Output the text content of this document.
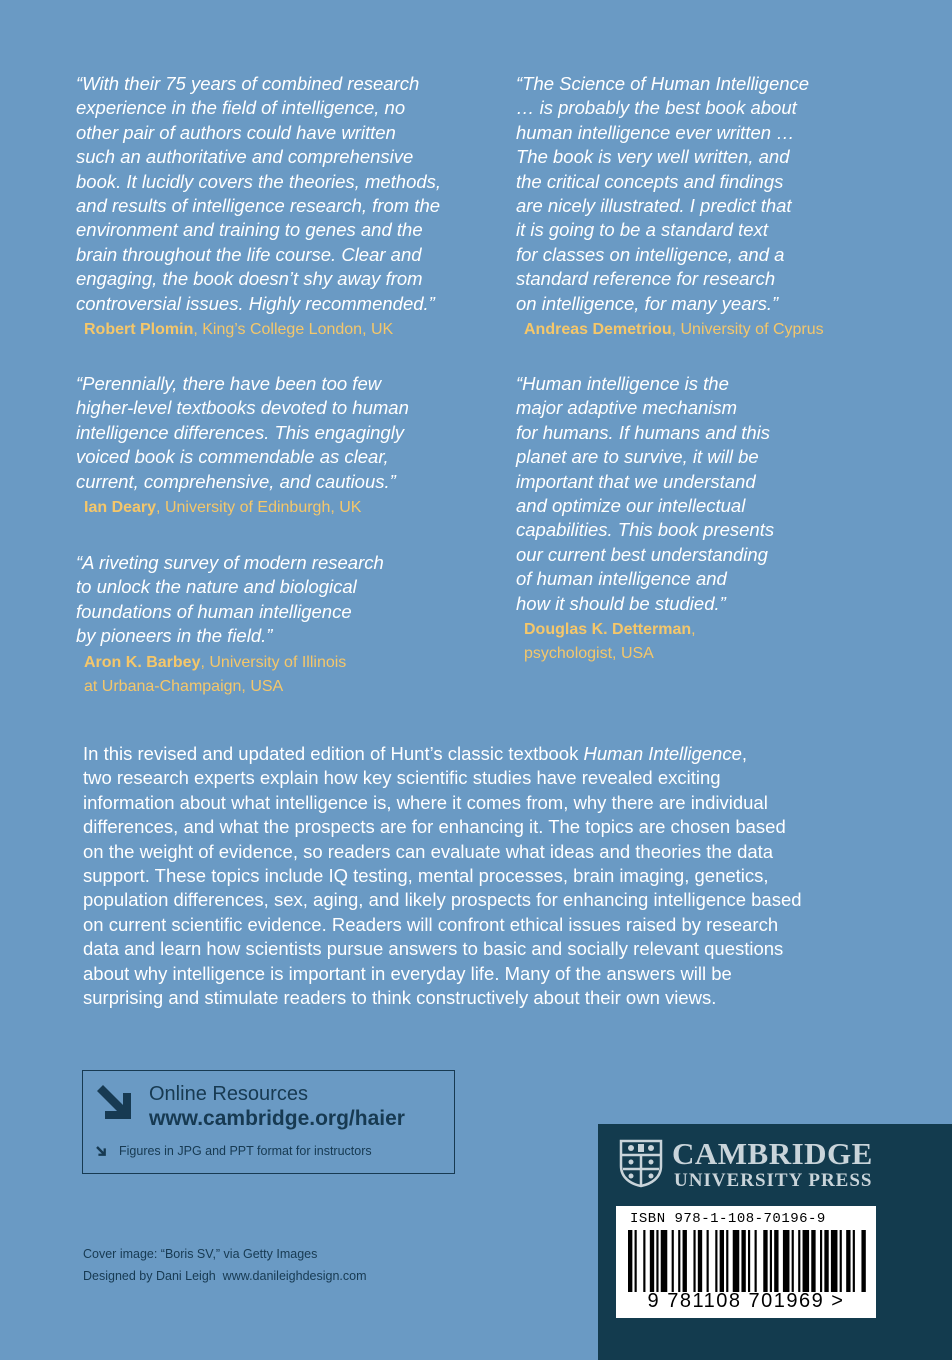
“With their 75 years of combined research
experience in the field of intelligence, no
other pair of authors could have written
such an authoritative and comprehensive
book. It lucidly covers the theories, methods,
and results of intelligence research, from the
environment and training to genes and the
brain throughout the life course. Clear and
engaging, the book doesn’t shy away from
controversial issues. Highly recommended.”
Robert Plomin, King’s College London, UK
“Perennially, there have been too few
higher-level textbooks devoted to human
intelligence differences. This engagingly
voiced book is commendable as clear,
current, comprehensive, and cautious.”
Ian Deary, University of Edinburgh, UK
“A riveting survey of modern research
to unlock the nature and biological
foundations of human intelligence
by pioneers in the field.”
Aron K. Barbey, University of Illinois
at Urbana-Champaign, USA
“The Science of Human Intelligence
… is probably the best book about
human intelligence ever written …
The book is very well written, and
the critical concepts and findings
are nicely illustrated. I predict that
it is going to be a standard text
for classes on intelligence, and a
standard reference for research
on intelligence, for many years.”
Andreas Demetriou, University of Cyprus
“Human intelligence is the
major adaptive mechanism
for humans. If humans and this
planet are to survive, it will be
important that we understand
and optimize our intellectual
capabilities. This book presents
our current best understanding
of human intelligence and
how it should be studied.”
Douglas K. Detterman,
psychologist, USA

In this revised and updated edition of Hunt’s classic textbook Human Intelligence,
two research experts explain how key scientific studies have revealed exciting
information about what intelligence is, where it comes from, why there are individual
differences, and what the prospects are for enhancing it. The topics are chosen based
on the weight of evidence, so readers can evaluate what ideas and theories the data
support. These topics include IQ testing, mental processes, brain imaging, genetics,
population differences, sex, aging, and likely prospects for enhancing intelligence based
on current scientific evidence. Readers will confront ethical issues raised by research
data and learn how scientists pursue answers to basic and socially relevant questions
about why intelligence is important in everyday life. Many of the answers will be
surprising and stimulate readers to think constructively about their own views.

Online Resources
www.cambridge.org/haier
Figures in JPG and PPT format for instructors
Cover image: “Boris SV,” via Getty Images
Designed by Dani Leigh  www.danileighdesign.com
CAMBRIDGE
UNIVERSITY PRESS
ISBN 978-1-108-70196-9
9 781108 701969 >
